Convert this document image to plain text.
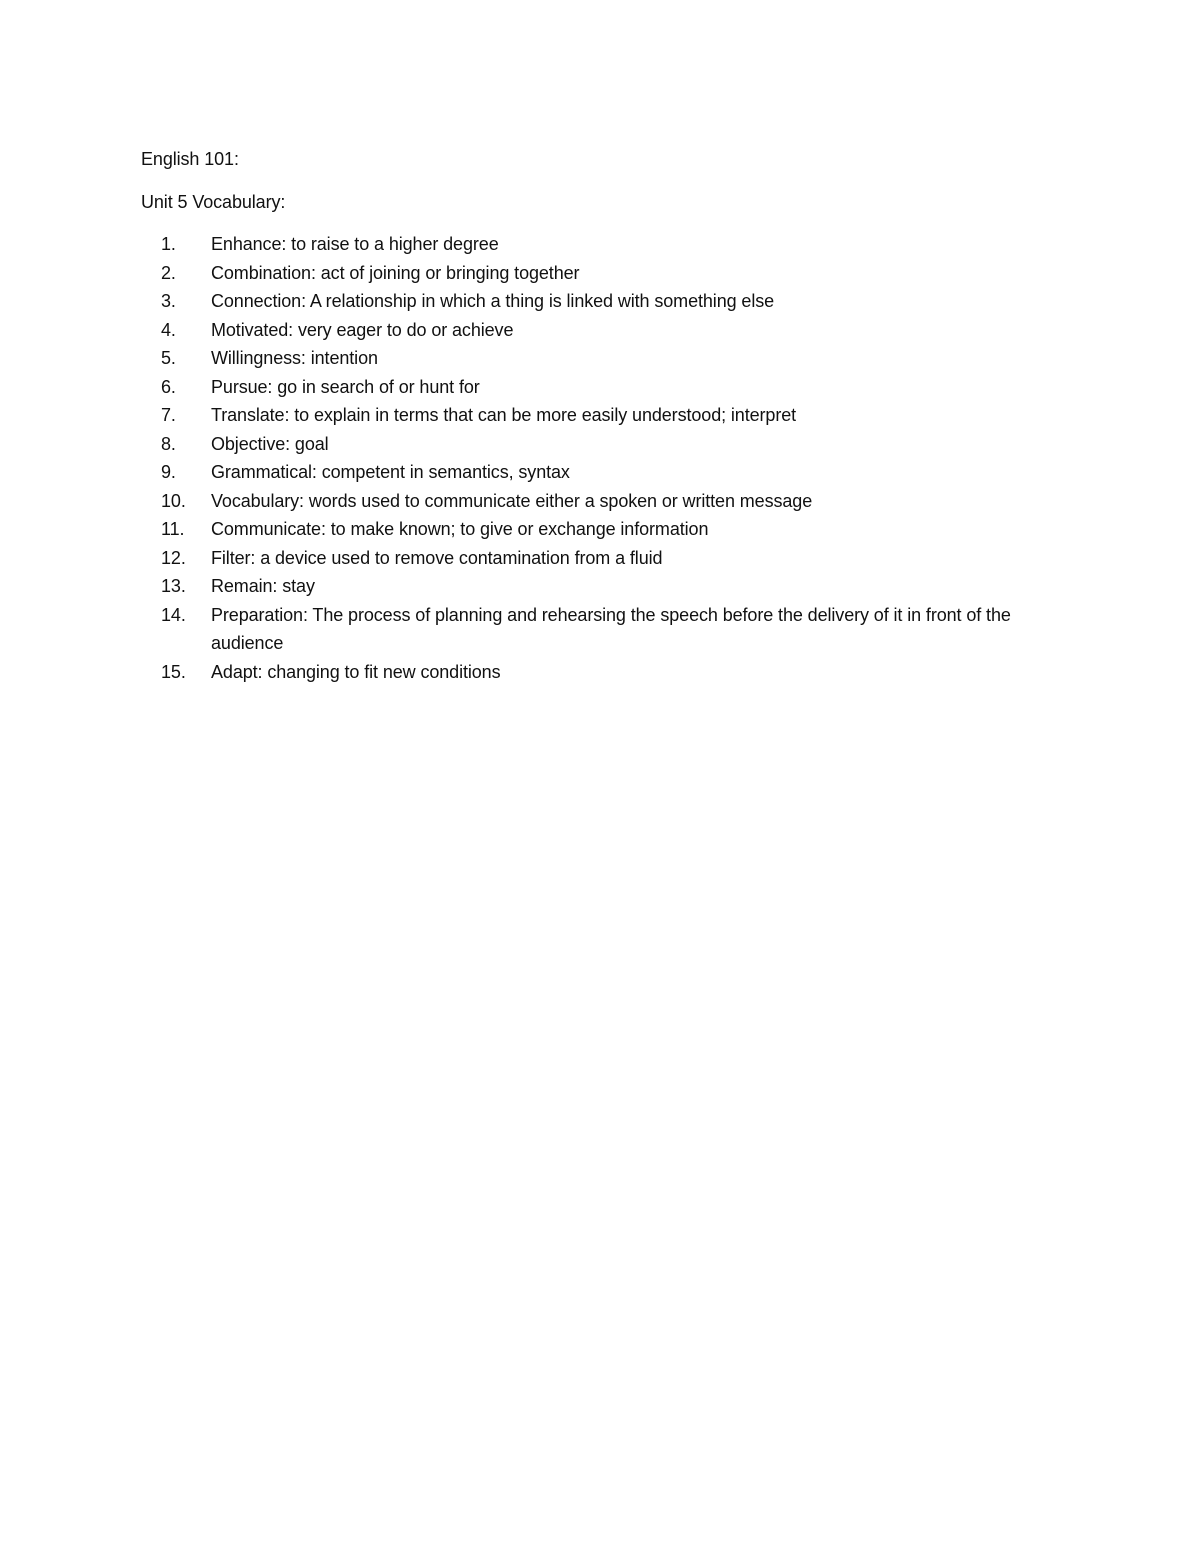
English 101:

Unit 5 Vocabulary:

1.	Enhance: to raise to a higher degree
2.	Combination: act of joining or bringing together
3.	Connection: A relationship in which a thing is linked with something else
4.	Motivated: very eager to do or achieve
5.	Willingness: intention
6.	Pursue: go in search of or hunt for
7.	Translate: to explain in terms that can be more easily understood; interpret
8.	Objective: goal
9.	Grammatical: competent in semantics, syntax
10.	Vocabulary: words used to communicate either a spoken or written message
11.	Communicate: to make known; to give or exchange information
12.	Filter: a device used to remove contamination from a fluid
13.	Remain: stay
14.	Preparation: The process of planning and rehearsing the speech before the delivery of it in front of the audience
15.	Adapt: changing to fit new conditions
